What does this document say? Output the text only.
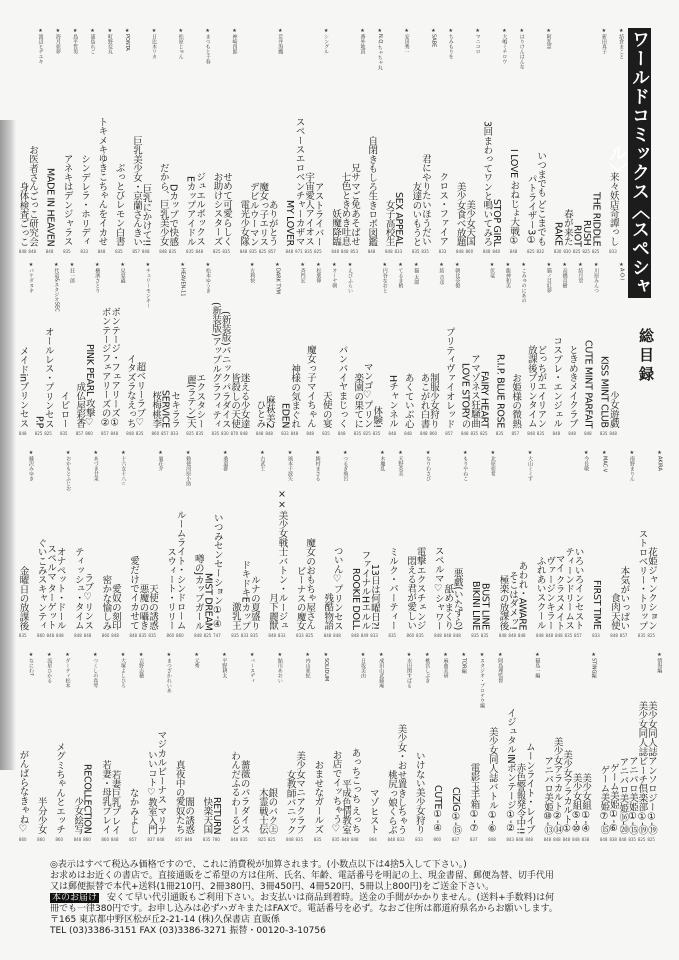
ワールドコミックス〈スペシャル〉
総目録
★ 結倉まこと
来々妖店奇譚っし
833
★ 新田真子
THE RIDDLE
825
RUSH
825
RIOT
825
春が来た
830
RAKE
830
★ 阿乱霊
いつまでも どこまでも
832
パトライザー3①
825
★ はりけんはんな
I LOVE おねじょ大戦①
848
★ 大嶋ミチロウ
STOP GIRL
848
3回まわってワンと鳴いてみろ
848
★ マニコロ
美少女天国
860
美少女食べ放題
848
★ ちみもりを
クロス・ファイア
833
★ SABE
君にやりたいほうだい
835
友達のいもうと
835
★ 安田秀一
SEX APPEAL
833
女子高校生
848
★ N.Q.ちゃちゃ丸
自閉きもしろ生きロボ図鑑
848
★ 番外地貫
兄サマご免あそばせ
853
七色ときめき吐息
848
妖魔降臨
848
★ シングル
アストライバー
825
宇宙愛人アイオス
835
スペースエロベンチャーカザマ
971
MY LOVER
848
★ 荒井海鷹
ありがとう
857
魔女っ子エリス
825
デビルウーマン
835
電光少女隊
848
★ 神崎四郎
せめて可愛らしく
835
お助けシスターズ
825
★ まつもと千春
ジュエルボックス
848
Eカップアイドル
835
★ 松原じゅん
Dカップで快感
835
だから、巨乳美少女
848
★ 日比木リカ
巨乳にかけて!!
848
巨乳美少女・京蘭さんきい
857
★ PONTA
ぶっとびレモン白書
835
★ 町野変丸
トキメキゆきこちゃんをイカせ
848
★ 浦島れご
シンデレラ・ホリディ
833
★ 島平哲男
アネキはデンジャラス
835
★ 海月亜夢
MADE IN HEAVEN
848
★ 渡辺ヒデユキ
お医者さんごっこ研究会
848
身体検査ごっこ
848
★ A·O·I
少女遊戯
848
KISS MINT CLUB
835
★ 川原みんつ
CUTE MINT PARFAIT
848
★ 結月堂
ときめきメイクラブ
848
★ 高橋直樹
コスプレ・エンジェル
848
★ 猫ノ目紅夢
どっちがエイリアン
835
放課後プリンタイム
848
★ こみゅのにあの
お姫様の微熱
857
★ 龍神和美
R.I.P. BLUE ROSE
835
★ 伏竜
FAIRY HEART
825
アマゾネス狂騒曲
835
LOVE STORYの
848
★ 朝比奈僚
プリティヴァイオレッド
857
★ 結 音彦
制服少女狩り
860
あこがれ白書
848
★ 猫 太郎
あくていぶ心
848
★ てるき梢
Hチャンネル
848
★ 円谷なおと
体験!
835
マンゴ♡プリン
825
楽園の果てに
835
★ えびふらい
パンパイヤまじっく
848
★ オーヤ朝
天使の宴
835
★ 松葉伸
魔女っ子マイちゃん
848
★ 斉門宏
神様の気まぐれ
848
EDEN
833
★ DARK TYM
麻萩美2
848
ひとみ
848
★ 方利快
迷える少女達
848
皆殺しの天使
870
(新装版)パニックパラダイス
830
(新装版)アップルグラフィティ
835
★ 松本ゆうき
エクスタシー
835
麗(ラテン)天
825
★ HEAVEN-11
セキララ
833
SERVICE
857
桜梅桃李
860
★ チェリーモンキー
超ベリーラブ♡
835
イタズラなえっち
848
★ 見覚蟲
ボンテージ・フェアリーズ①
848
ボンテージフェアリーズの②
857
★ 横濱さとり
PINK PEARL 攻撃♡
860
成仏屋彩香
857
★ 狂一郎
イピロー
835
★ 代竜&スタジオSEC
オールレス・プリンセス
825
P.P
825
★ パケダヌキ
メイドinプリンセス
848
★ AKIRA
花姫ジャンクション
825
ストロベリー・トリップ
835
★ 南野まりん
本気がいっぱい
857
食肉天使
848
★ MAC·V
FIRST TIME
833
★ 今長敏
いろいろインセスト
857
ティーンドリームス
835
マイ クラスメイト
848
ヴァージンキラー
848
ふれあいスクール
848
★ 大山ミミず
あわれ・AWARE
848
そこはダメッ!
848
極楽の放課後
848
★ 北原亜希
BUST LINE
835
BIKINI LINE
835
★ もりやねこ
悪戯(いたずら)
848
舐めまくり
848
スペルマ♡シャワー
848
★ なりわさび
電撃エクスチェンジ
835
悶える君が愛しい
860
★ 天野英美
ミルク・パーティー
835
★ 木魔乱
13日は何曜日?!
833
ファイナルHエルル
849
ROOKIE DOLL
848
★ つるぎ飛呂
ついん♡プリンセス
848
残酷物語
848
★ 綾村まさる
魔女のおもちゃ屋さん
825
ビーナスの魔女
833
★ 風本千波矢
××美少女戦士バトン・ルージュ
833
月下麗獣
848
★ 古武士
ルナの夏盛り
835
ドキドキEカップ
833
激乳王
835
★ 桑道群
いつみセンセーション①-④
747
MIST DREAM
825
噂のJカップガール
848
★ 勅使河原小助
ルームライト・シンドローム
860
スウィート・リリー
860
★ 裏荘介
天使の誘惑
835
悪魔の囁き
835
愛だけでイカせて
848
★ 十六女十八☆
愛奴の刻印
848
密かな愉しみ
860
★ あづき甘菜
ラブ♡リンス
848
ティッシュ・タイム
848
★ おかもとふじお
オナペット・ドール
848
スペルマ ターゲット
848
ぐいこみスキャンティ
860
★ 藤沢みゆき
金曜日の放課後
835
★ 情海編
美少女同人誌アンソロジー①-⑲
825
美少女同人誌ピーチ倶楽部①-⑲
825
アニパロ美姫①-⑮
835
アニパロ美姫⑯-⑳
848
ゲーム美姫①-⑥
838
ゲーム美姫⑦-⑮
848
★ STING編
美少女組①-④
838
美少女組⑤-⑩
848
美少女アラカルト①
848
美少女アラカルト②-⑭
848
アニパロ美姫⑩-⑬
848
★ 猫島一編
ムーンライト・レイプ
848
赤色警報発令中!!
848
イジュタルINボンテージ①-②
843
★ 阿島理監督
美少女同人誌バトル①-⑥
848
★ スタジオ・プロテウ編
電影玉手箱①-⑦
837
★ TOR編
CiZiG①-⑮
837
★ 麻曲美研
CUTE①-④
860
★ 桃宮しぶき
いけない美少女狩り
833
★ 水田関すばる
美少女・おせ置きしちゃう
833
桃尻っ娘くらぶ
848
★ 成田山武藤庵
マゾヒスト
864
★ 日坂美由
あっちこっち えっち
848
平成色情教室
848
お店でイッちゃう♡
835
★ SOLIDUM
おませなガールズ
835
★ 内山亜紀
美少女マニアクラブ
835
女教師パニック
848
★ 鮎川あおい
銀のバク㊤
825
木霊戦士伝
825
★ バースディ
薔薇のパラダイス
835
わんだふるわーるど
848
★ 平野耕太
RETURN
780
快楽天国
835
★ 元秀
闇の誘惑
848
真夜中の愛奴たち
857
★ まつざかれいあ
マジカルビーナス マリナ
848
いいコト♡教室入門
837
★ 吉野志穂
なかみよし
857
★ 大塚よしひろ
若妻巨乳プレイ
848
若妻・母乳プレイ
860
★ つくしの真琴
RECOLLECTION
860
少女絵写
848
★ ダーティ松本
メグミちゃんとエッチ
860
★ 流星ひかる
半分少女
860
★ なにわ?
がんばらなきゃね♡
860
◎表示はすべて税込み価格ですので、これに消費税が加算されます。(小数点以下は4捨5入して下さい。)
お求めはお近くの書店で。直接通販をご希望の方は住所、氏名、年齢、電話番号を明記の上、現金書留、郵便為替、切手代用
又は郵便振替で本代+送料(1冊210円、2冊380円、3冊450円、4冊520円、5冊以上800円)をご送金下さい。
本のお届け 安くて早い代引通販もご利用下さい。お支払いは商品到着時。送金の手間がかかりません。(送料+手数料)は何
冊でも一律380円です。お申し込みは必ずハガキまたはFAXで。電話番号を必ず。なおご住所は都道府県名からお願いします。
〒165 東京都中野区松が丘2-21-14 (株)久保書店 直販係
TEL (03)3386-3151 FAX (03)3386-3271 振替・00120-3-10756
